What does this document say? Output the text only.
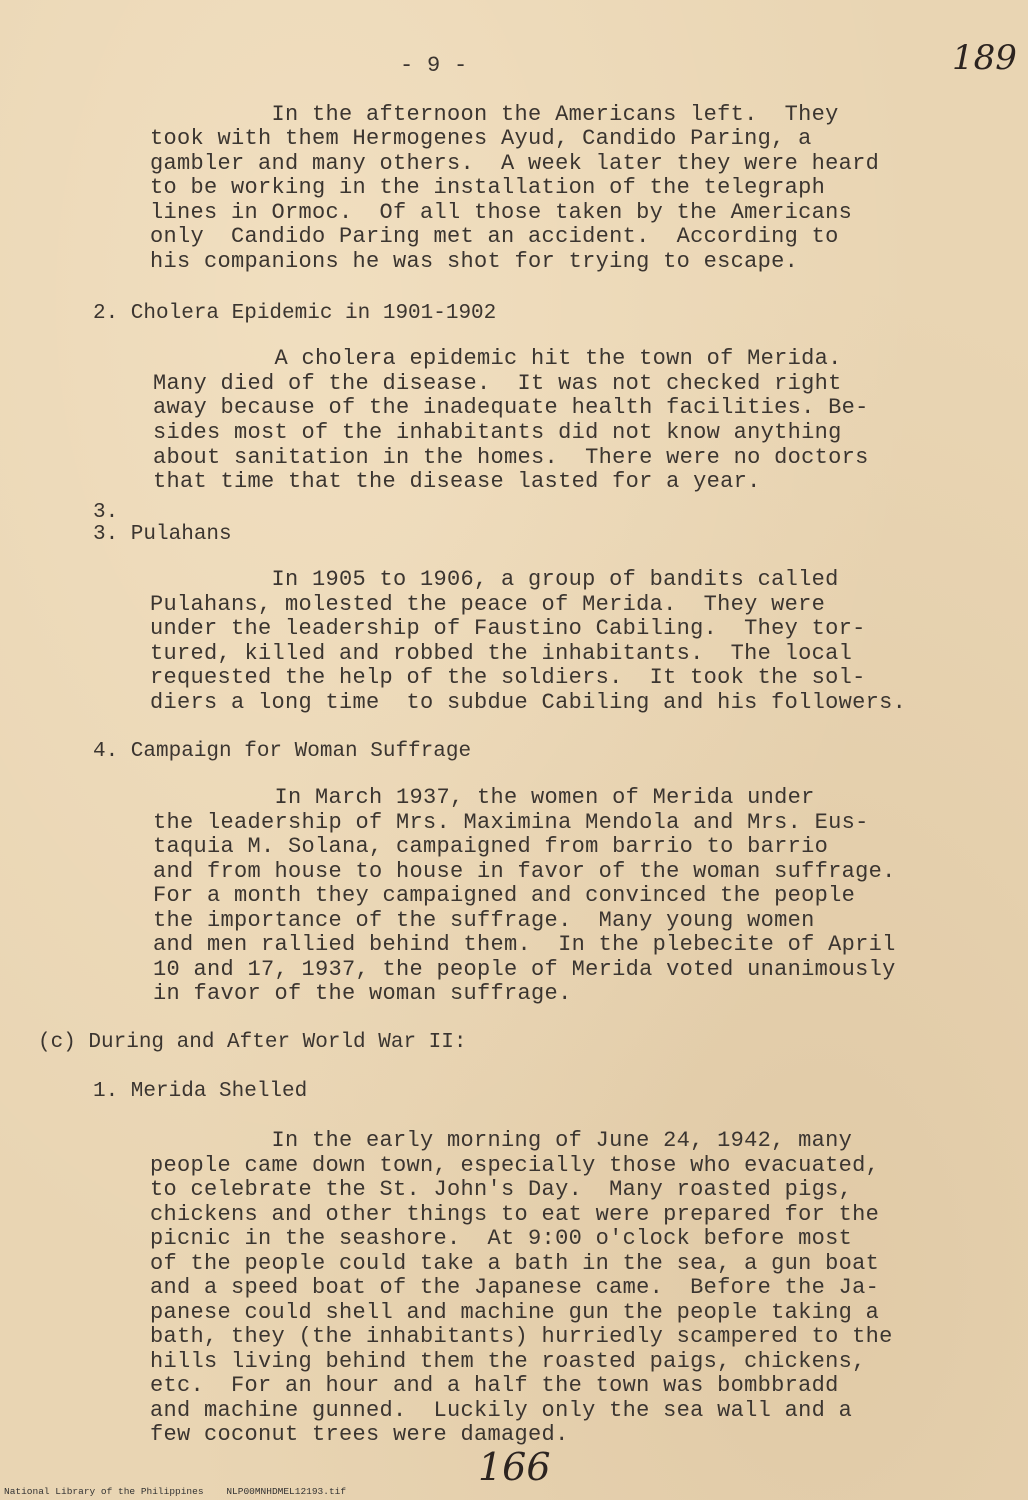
- 9 -	189
In the afternoon the Americans left.  They
took with them Hermogenes Ayud, Candido Paring, a
gambler and many others.  A week later they were heard
to be working in the installation of the telegraph
lines in Ormoc.  Of all those taken by the Americans
only  Candido Paring met an accident.  According to
his companions he was shot for trying to escape.
2. Cholera Epidemic in 1901-1902
A cholera epidemic hit the town of Merida.
Many died of the disease.  It was not checked right
away because of the inadequate health facilities. Be-
sides most of the inhabitants did not know anything
about sanitation in the homes.  There were no doctors
that time that the disease lasted for a year.
3.
3. Pulahans
In 1905 to 1906, a group of bandits called
Pulahans, molested the peace of Merida.  They were
under the leadership of Faustino Cabiling.  They tor-
tured, killed and robbed the inhabitants.  The local
requested the help of the soldiers.  It took the sol-
diers a long time  to subdue Cabiling and his followers.
4. Campaign for Woman Suffrage
In March 1937, the women of Merida under
the leadership of Mrs. Maximina Mendola and Mrs. Eus-
taquia M. Solana, campaigned from barrio to barrio
and from house to house in favor of the woman suffrage.
For a month they campaigned and convinced the people
the importance of the suffrage.  Many young women
and men rallied behind them.  In the plebecite of April
10 and 17, 1937, the people of Merida voted unanimously
in favor of the woman suffrage.
(c) During and After World War II:
1. Merida Shelled
In the early morning of June 24, 1942, many
people came down town, especially those who evacuated,
to celebrate the St. John's Day.  Many roasted pigs,
chickens and other things to eat were prepared for the
picnic in the seashore.  At 9:00 o'clock before most
of the people could take a bath in the sea, a gun boat
and a speed boat of the Japanese came.  Before the Ja-
panese could shell and machine gun the people taking a
bath, they (the inhabitants) hurriedly scampered to the
hills living behind them the roasted paigs, chickens,
etc.  For an hour and a half the town was bombbradd
and machine gunned.  Luckily only the sea wall and a
few coconut trees were damaged.
166
National Library of the Philippines    NLP00MNHDMEL12193.tif
